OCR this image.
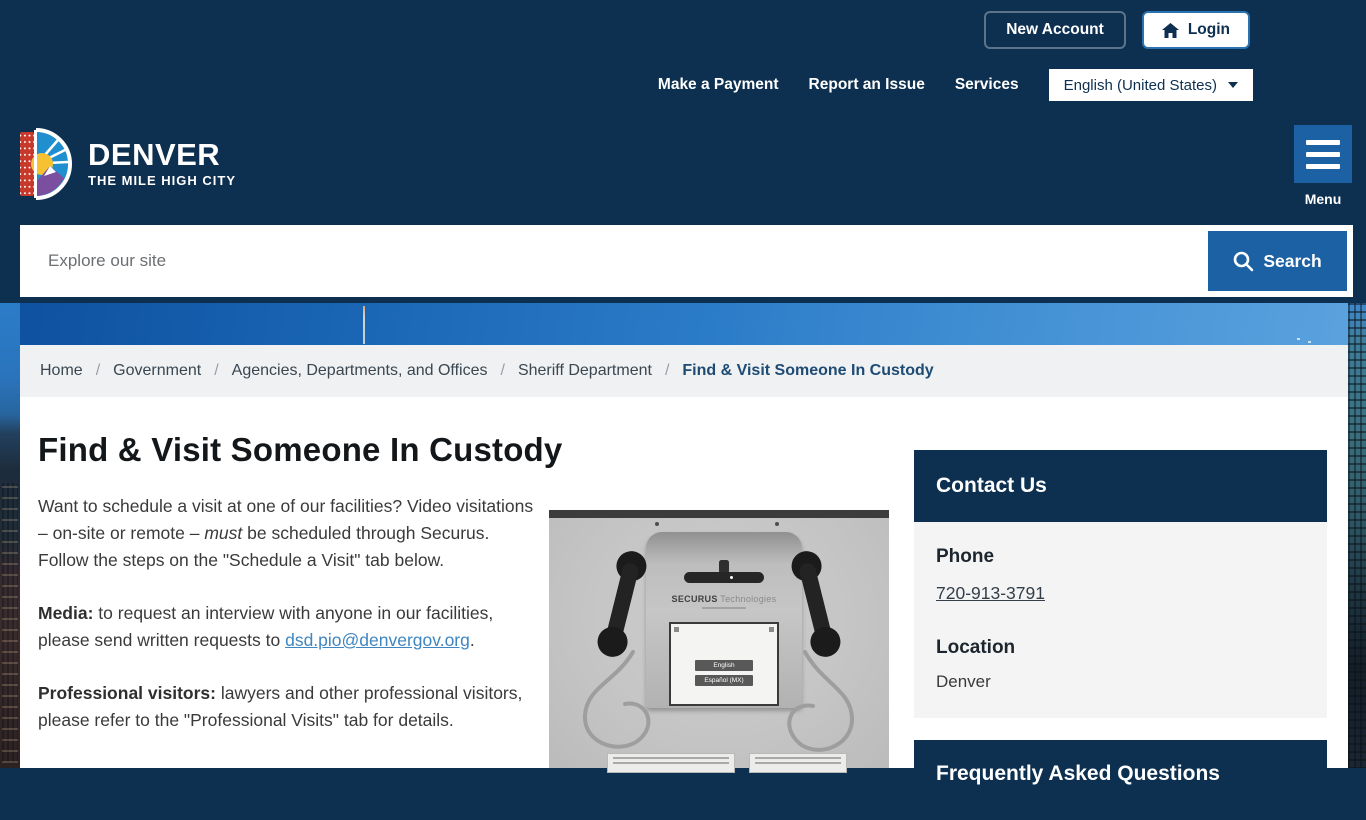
New Account	Login
Make a Payment Report an Issue Services	English (United States)
DENVER
THE MILE HIGH CITY
Menu
Explore our site
Search
Home / Government / Agencies, Departments, and Offices / Sheriff Department / Find & Visit Someone In Custody
Find & Visit Someone In Custody

Want to schedule a visit at one of our facilities? Video visitations – on-site or remote – must be scheduled through Securus. Follow the steps on the "Schedule a Visit" tab below.

Media: to request an interview with anyone in our facilities, please send written requests to dsd.pio@denvergov.org.

Professional visitors: lawyers and other professional visitors, please refer to the "Professional Visits" tab for details.

SECURUS Technologies
English
Español (MX)
Contact Us
Phone
720-913-3791
Location
Denver
Frequently Asked Questions
